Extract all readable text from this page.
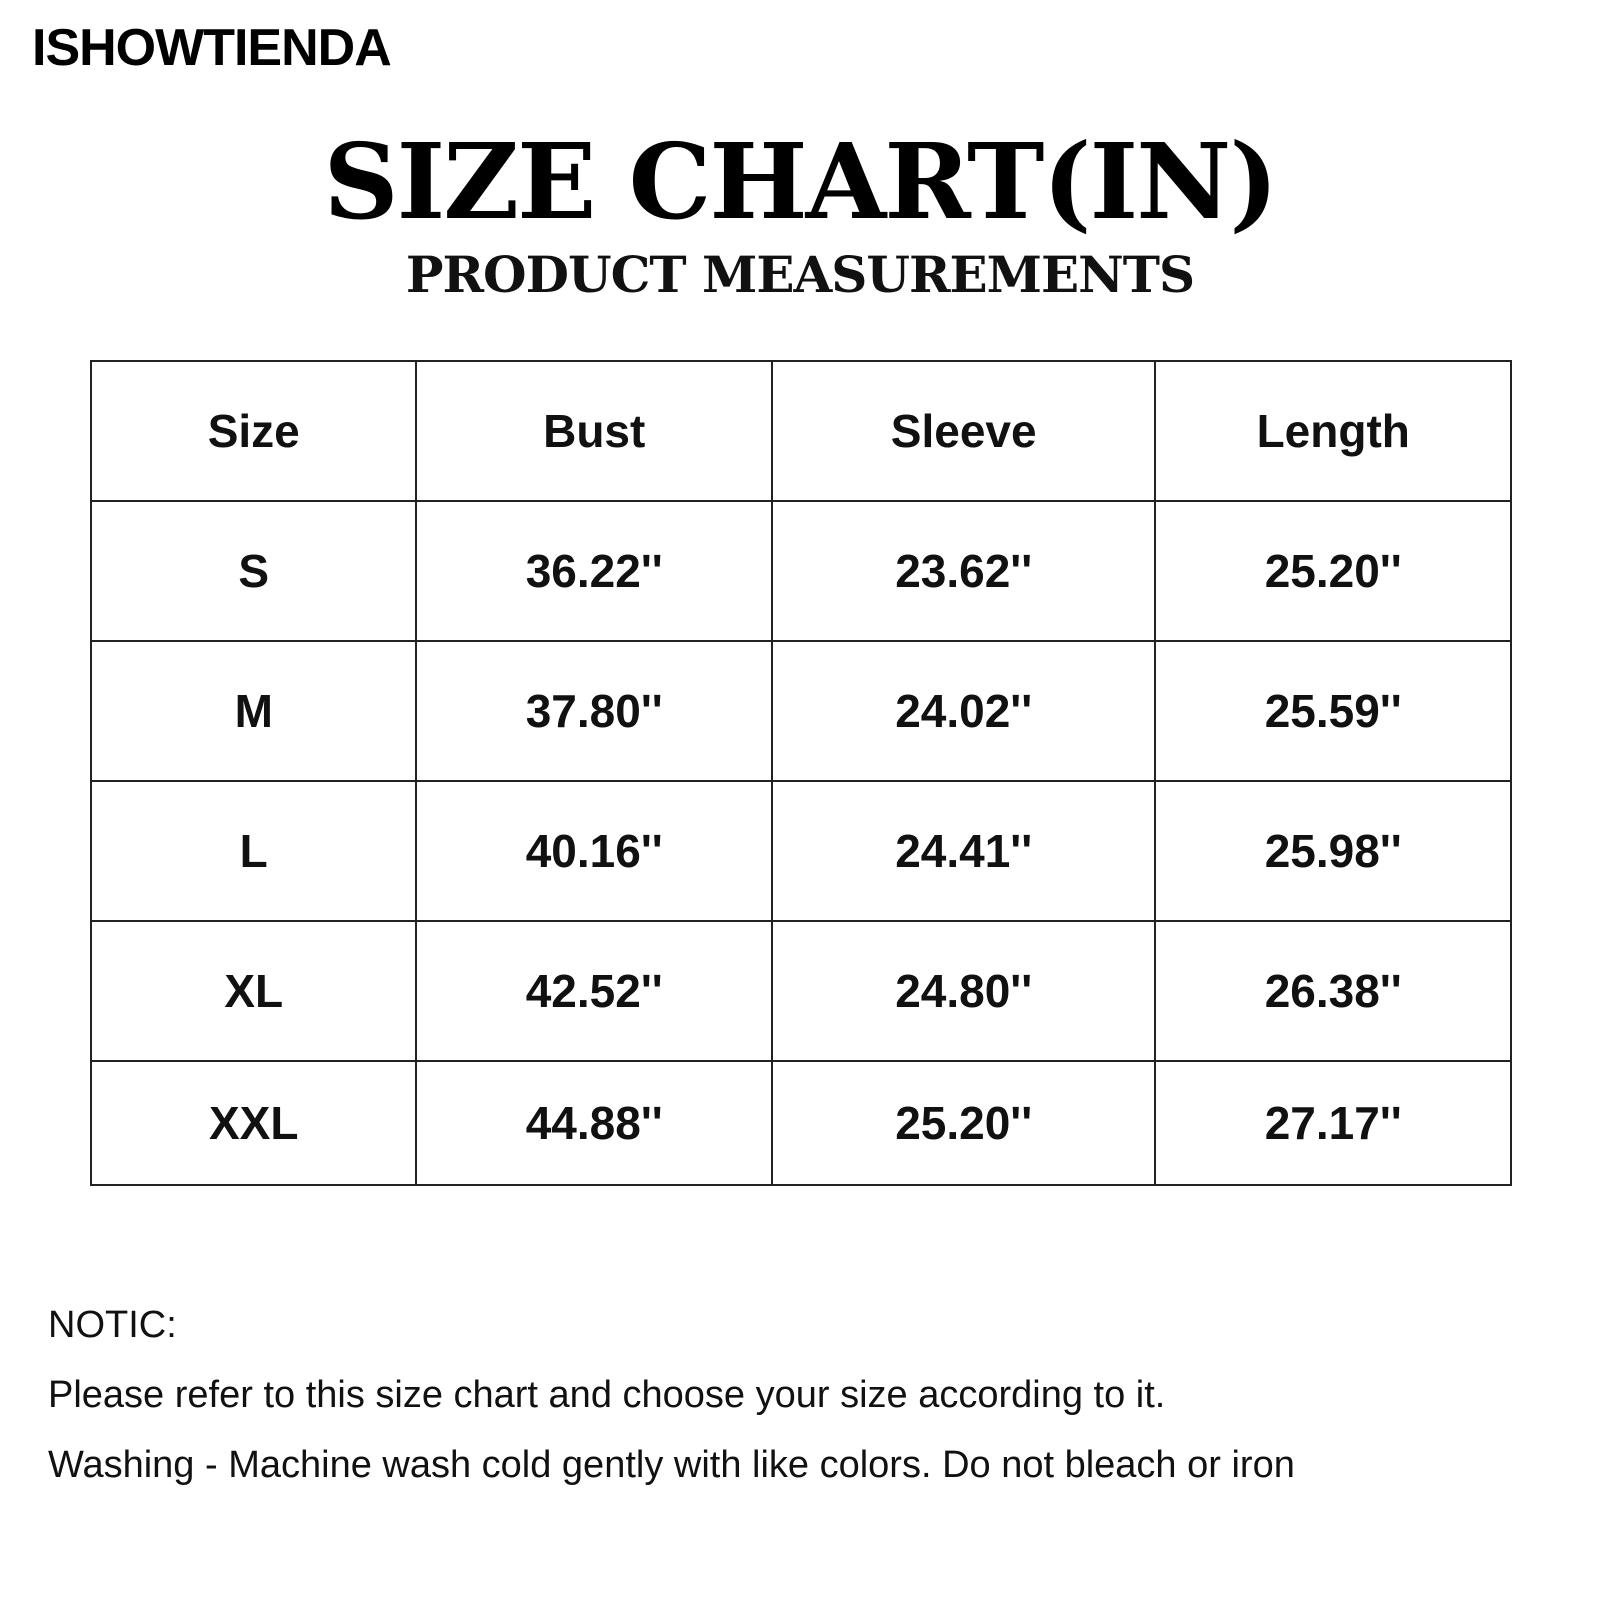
ISHOWTIENDA
SIZE CHART(IN)
PRODUCT MEASUREMENTS
Size	Bust	Sleeve	Length
S	36.22''	23.62''	25.20''
M	37.80''	24.02''	25.59''
L	40.16''	24.41''	25.98''
XL	42.52''	24.80''	26.38''
XXL	44.88''	25.20''	27.17''
NOTIC:
Please refer to this size chart and choose your size according to it.
Washing - Machine wash cold gently with like colors. Do not bleach or iron
